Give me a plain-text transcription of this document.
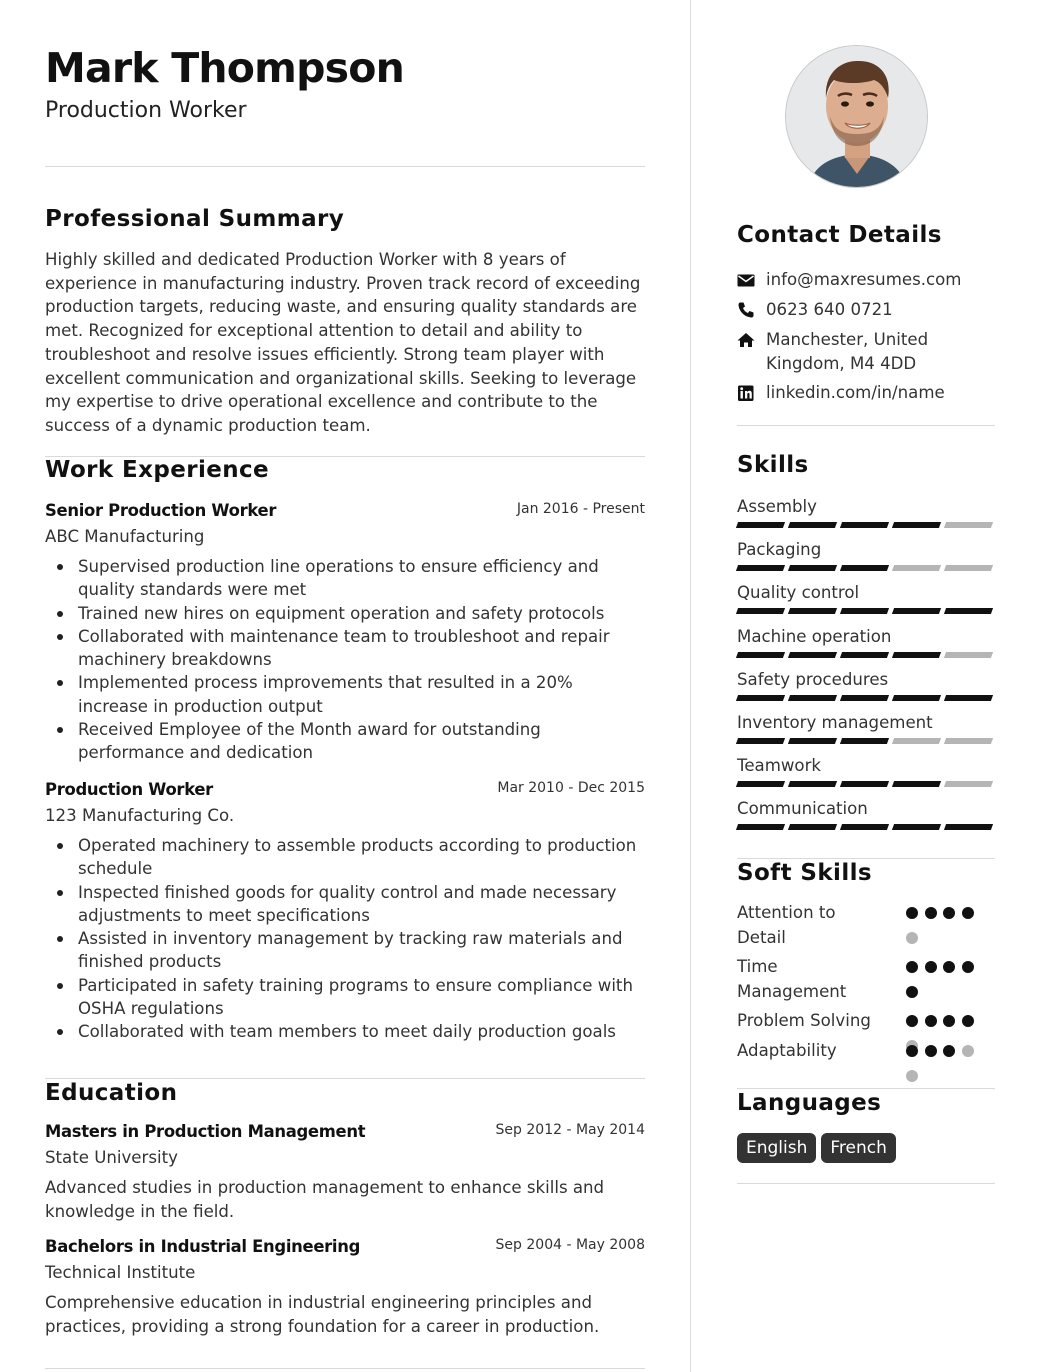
Mark Thompson
Production Worker
Professional Summary
Highly skilled and dedicated Production Worker with 8 years of experience in manufacturing industry. Proven track record of exceeding production targets, reducing waste, and ensuring quality standards are met. Recognized for exceptional attention to detail and ability to troubleshoot and resolve issues efficiently. Strong team player with excellent communication and organizational skills. Seeking to leverage my expertise to drive operational excellence and contribute to the success of a dynamic production team.
Work Experience
Senior Production Worker	Jan 2016 - Present
ABC Manufacturing
Supervised production line operations to ensure efficiency and quality standards were met
Trained new hires on equipment operation and safety protocols
Collaborated with maintenance team to troubleshoot and repair machinery breakdowns
Implemented process improvements that resulted in a 20% increase in production output
Received Employee of the Month award for outstanding performance and dedication
Production Worker	Mar 2010 - Dec 2015
123 Manufacturing Co.
Operated machinery to assemble products according to production schedule
Inspected finished goods for quality control and made necessary adjustments to meet specifications
Assisted in inventory management by tracking raw materials and finished products
Participated in safety training programs to ensure compliance with OSHA regulations
Collaborated with team members to meet daily production goals
Education
Masters in Production Management	Sep 2012 - May 2014
State University
Advanced studies in production management to enhance skills and knowledge in the field.
Bachelors in Industrial Engineering	Sep 2004 - May 2008
Technical Institute
Comprehensive education in industrial engineering principles and practices, providing a strong foundation for a career in production.
Contact Details
info@maxresumes.com
0623 640 0721
Manchester, United Kingdom, M4 4DD
linkedin.com/in/name
Skills
Assembly
Packaging
Quality control
Machine operation
Safety procedures
Inventory management
Teamwork
Communication
Soft Skills
Attention to Detail
Time Management
Problem Solving
Adaptability
Languages
English French
